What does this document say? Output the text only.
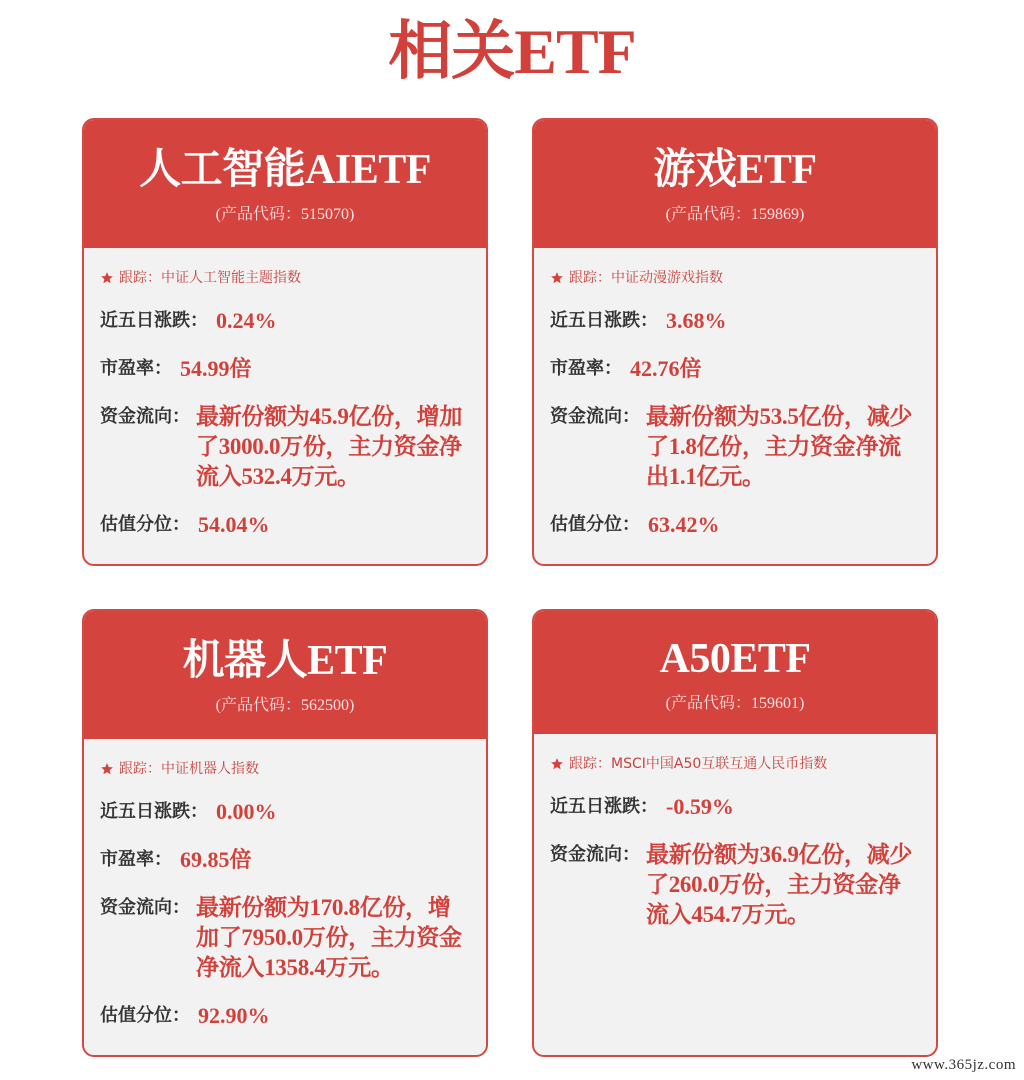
相关ETF
人工智能AIETF
(产品代码：515070)
跟踪：中证人工智能主题指数
近五日涨跌： 0.24%
市盈率： 54.99倍
资金流向： 最新份额为45.9亿份，增加了3000.0万份，主力资金净流入532.4万元。
估值分位： 54.04%
游戏ETF
(产品代码：159869)
跟踪：中证动漫游戏指数
近五日涨跌： 3.68%
市盈率： 42.76倍
资金流向： 最新份额为53.5亿份，减少了1.8亿份，主力资金净流出1.1亿元。
估值分位： 63.42%
机器人ETF
(产品代码：562500)
跟踪：中证机器人指数
近五日涨跌： 0.00%
市盈率： 69.85倍
资金流向： 最新份额为170.8亿份，增加了7950.0万份，主力资金净流入1358.4万元。
估值分位： 92.90%
A50ETF
(产品代码：159601)
跟踪：MSCI中国A50互联互通人民币指数
近五日涨跌： -0.59%
资金流向： 最新份额为36.9亿份，减少了260.0万份，主力资金净流入454.7万元。
www.365jz.com
